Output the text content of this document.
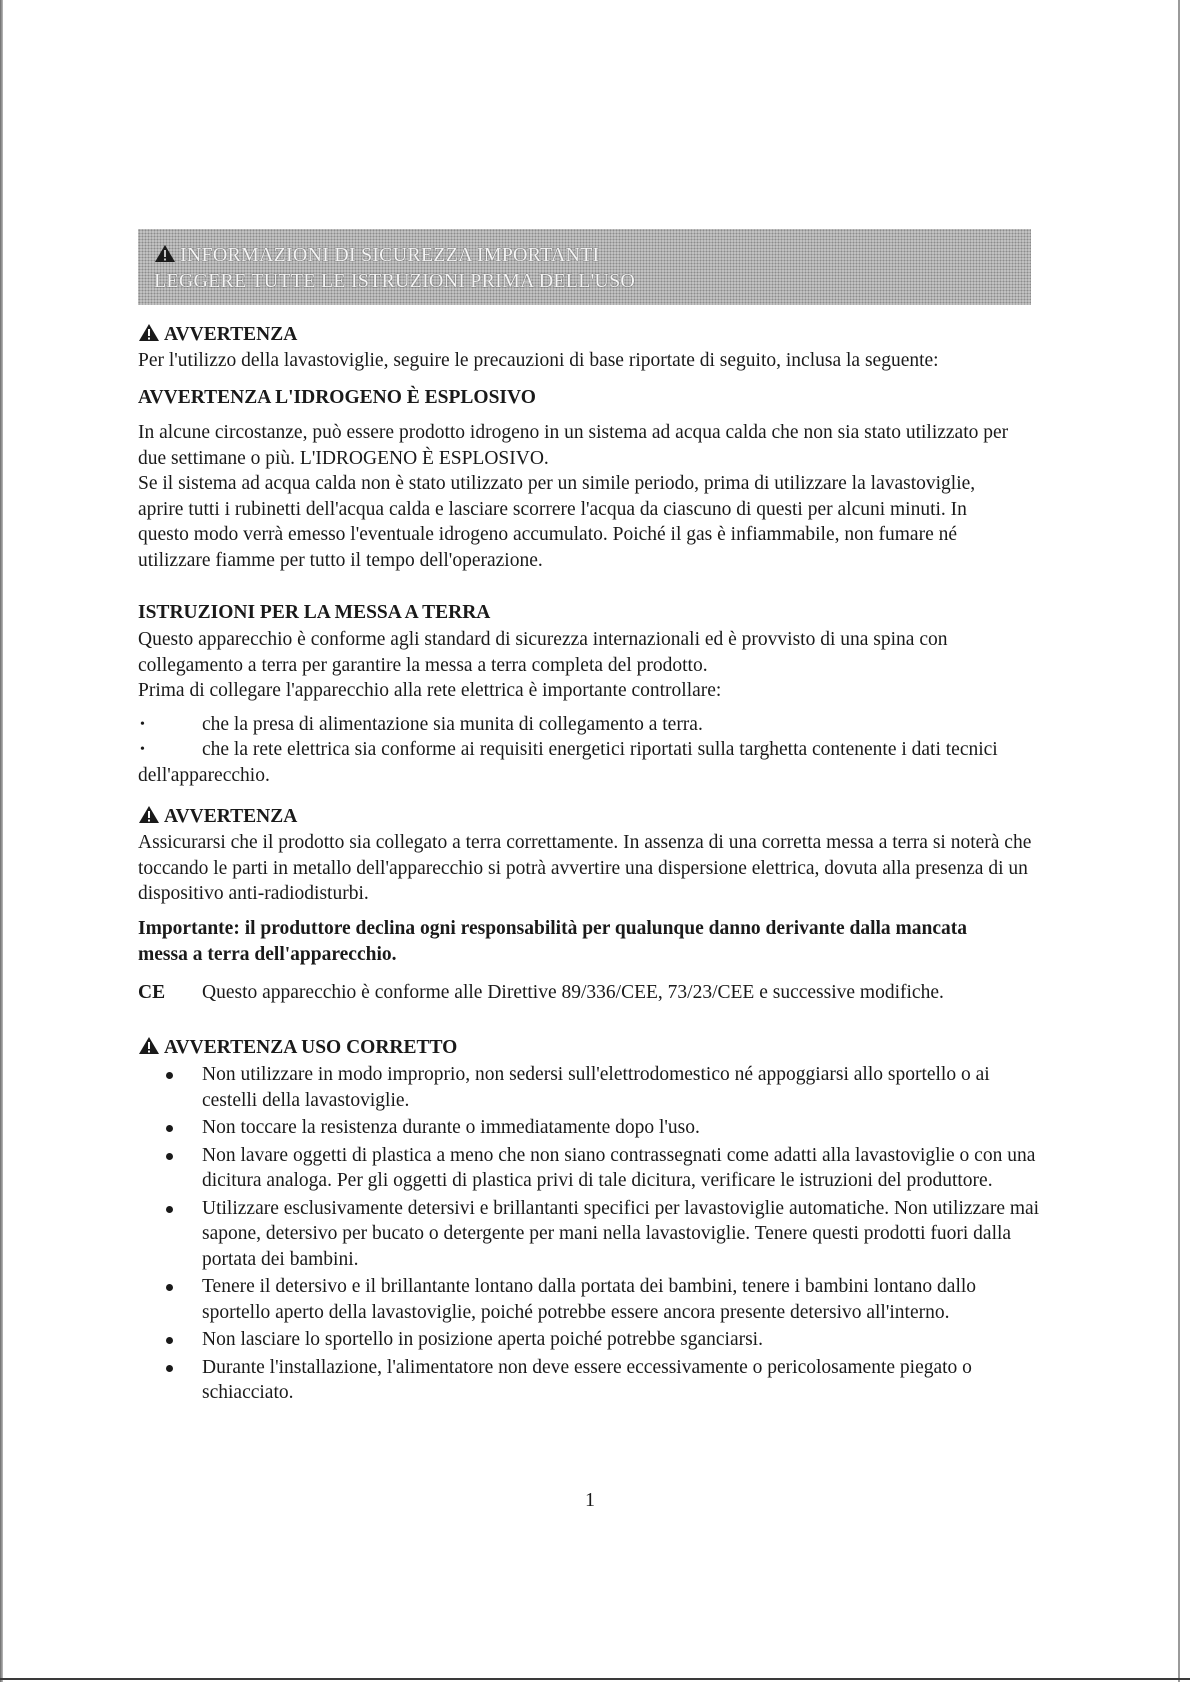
INFORMAZIONI DI SICUREZZA IMPORTANTI
LEGGERE TUTTE LE ISTRUZIONI PRIMA DELL'USO
AVVERTENZA
Per l'utilizzo della lavastoviglie, seguire le precauzioni di base riportate di seguito, inclusa la seguente:
AVVERTENZA L'IDROGENO È ESPLOSIVO

In alcune circostanze, può essere prodotto idrogeno in un sistema ad acqua calda che non sia stato utilizzato per due settimane o più. L'IDROGENO È ESPLOSIVO.

Se il sistema ad acqua calda non è stato utilizzato per un simile periodo, prima di utilizzare la lavastoviglie, aprire tutti i rubinetti dell'acqua calda e lasciare scorrere l'acqua da ciascuno di questi per alcuni minuti. In questo modo verrà emesso l'eventuale idrogeno accumulato. Poiché il gas è infiammabile, non fumare né utilizzare fiamme per tutto il tempo dell'operazione.

ISTRUZIONI PER LA MESSA A TERRA

Questo apparecchio è conforme agli standard di sicurezza internazionali ed è provvisto di una spina con collegamento a terra per garantire la messa a terra completa del prodotto.

Prima di collegare l'apparecchio alla rete elettrica è importante controllare:

•	che la presa di alimentazione sia munita di collegamento a terra.
•	che la rete elettrica sia conforme ai requisiti energetici riportati sulla targhetta contenente i dati tecnici dell'apparecchio.
AVVERTENZA
Assicurarsi che il prodotto sia collegato a terra correttamente. In assenza di una corretta messa a terra si noterà che toccando le parti in metallo dell'apparecchio si potrà avvertire una dispersione elettrica, dovuta alla presenza di un dispositivo anti-radiodisturbi.
Importante: il produttore declina ogni responsabilità per qualunque danno derivante dalla mancata messa a terra dell'apparecchio.
CE Questo apparecchio è conforme alle Direttive 89/336/CEE, 73/23/CEE e successive modifiche.
AVVERTENZA USO CORRETTO
Non utilizzare in modo improprio, non sedersi sull'elettrodomestico né appoggiarsi allo sportello o ai cestelli della lavastoviglie.
Non toccare la resistenza durante o immediatamente dopo l'uso.
Non lavare oggetti di plastica a meno che non siano contrassegnati come adatti alla lavastoviglie o con una dicitura analoga. Per gli oggetti di plastica privi di tale dicitura, verificare le istruzioni del produttore.
Utilizzare esclusivamente detersivi e brillantanti specifici per lavastoviglie automatiche. Non utilizzare mai sapone, detersivo per bucato o detergente per mani nella lavastoviglie. Tenere questi prodotti fuori dalla portata dei bambini.
Tenere il detersivo e il brillantante lontano dalla portata dei bambini, tenere i bambini lontano dallo sportello aperto della lavastoviglie, poiché potrebbe essere ancora presente detersivo all'interno.
Non lasciare lo sportello in posizione aperta poiché potrebbe sganciarsi.
Durante l'installazione, l'alimentatore non deve essere eccessivamente o pericolosamente piegato o schiacciato.
1
